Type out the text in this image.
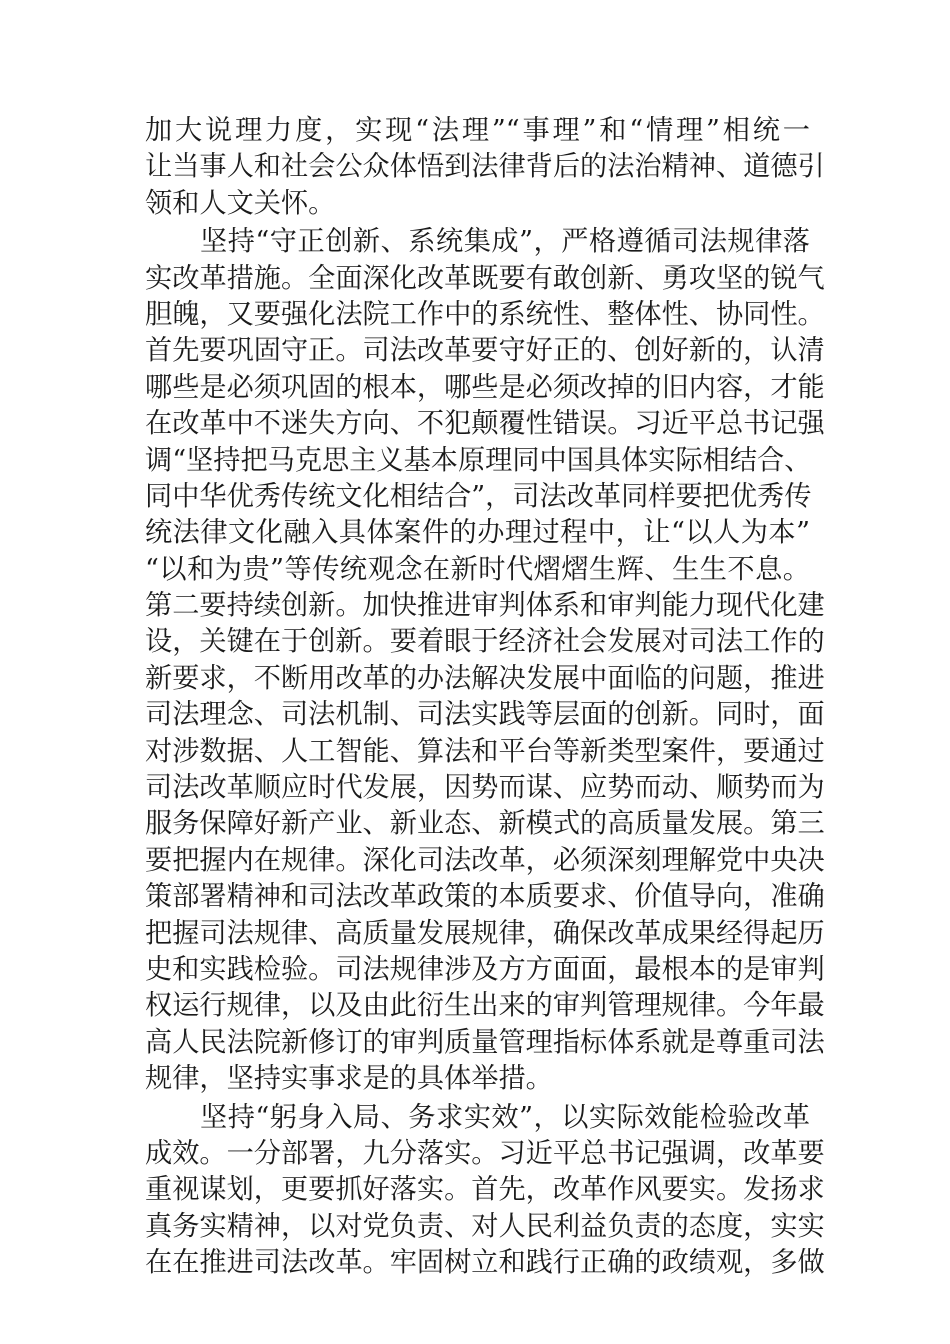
加大说理力度，实现“法理”“事理”和“情理”相统一
让当事人和社会公众体悟到法律背后的法治精神、道德引
领和人文关怀。
坚持“守正创新、系统集成”，严格遵循司法规律落
实改革措施。全面深化改革既要有敢创新、勇攻坚的锐气
胆魄，又要强化法院工作中的系统性、整体性、协同性。
首先要巩固守正。司法改革要守好正的、创好新的，认清
哪些是必须巩固的根本，哪些是必须改掉的旧内容，才能
在改革中不迷失方向、不犯颠覆性错误。习近平总书记强
调“坚持把马克思主义基本原理同中国具体实际相结合、
同中华优秀传统文化相结合”，司法改革同样要把优秀传
统法律文化融入具体案件的办理过程中，让“以人为本”
“以和为贵”等传统观念在新时代熠熠生辉、生生不息。
第二要持续创新。加快推进审判体系和审判能力现代化建
设，关键在于创新。要着眼于经济社会发展对司法工作的
新要求，不断用改革的办法解决发展中面临的问题，推进
司法理念、司法机制、司法实践等层面的创新。同时，面
对涉数据、人工智能、算法和平台等新类型案件，要通过
司法改革顺应时代发展，因势而谋、应势而动、顺势而为
服务保障好新产业、新业态、新模式的高质量发展。第三
要把握内在规律。深化司法改革，必须深刻理解党中央决
策部署精神和司法改革政策的本质要求、价值导向，准确
把握司法规律、高质量发展规律，确保改革成果经得起历
史和实践检验。司法规律涉及方方面面，最根本的是审判
权运行规律，以及由此衍生出来的审判管理规律。今年最
高人民法院新修订的审判质量管理指标体系就是尊重司法
规律，坚持实事求是的具体举措。
坚持“躬身入局、务求实效”，以实际效能检验改革
成效。一分部署，九分落实。习近平总书记强调，改革要
重视谋划，更要抓好落实。首先，改革作风要实。发扬求
真务实精神，以对党负责、对人民利益负责的态度，实实
在在推进司法改革。牢固树立和践行正确的政绩观，多做
